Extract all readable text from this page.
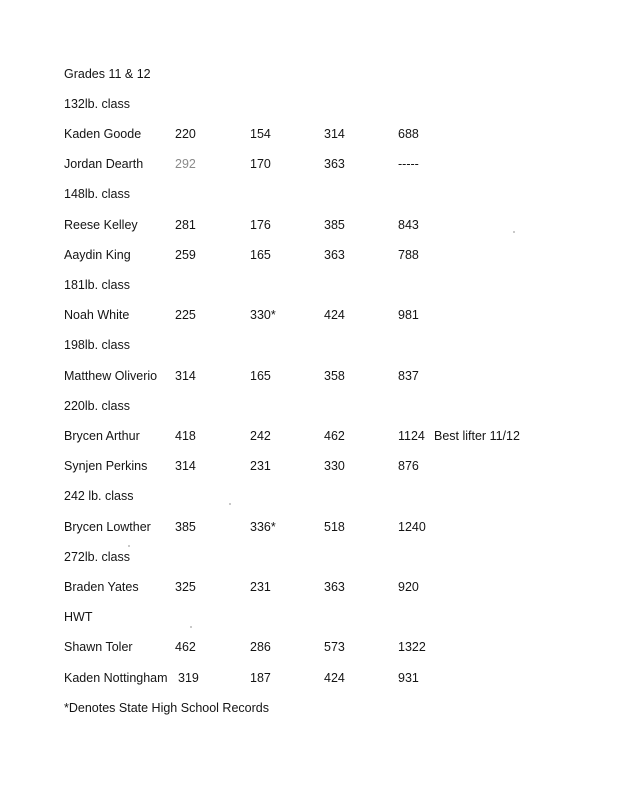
Grades 11 & 12
132lb. class
Kaden Goode	220	154	314	688
Jordan Dearth	292	170	363	-----
148lb. class
Reese Kelley	281	176	385	843
Aaydin King	259	165	363	788
181lb. class
Noah White	225	330*	424	981
198lb. class
Matthew Oliverio 314	165	358	837
220lb. class
Brycen Arthur	418	242	462	1124 Best lifter 11/12
Synjen Perkins 314	231	330	876
242 lb. class
Brycen Lowther 385	336*	518	1240
272lb. class
Braden Yates	325	231	363	920
HWT
Shawn Toler	462	286	573	1322
Kaden Nottingham 319	187	424	931
*Denotes State High School Records
